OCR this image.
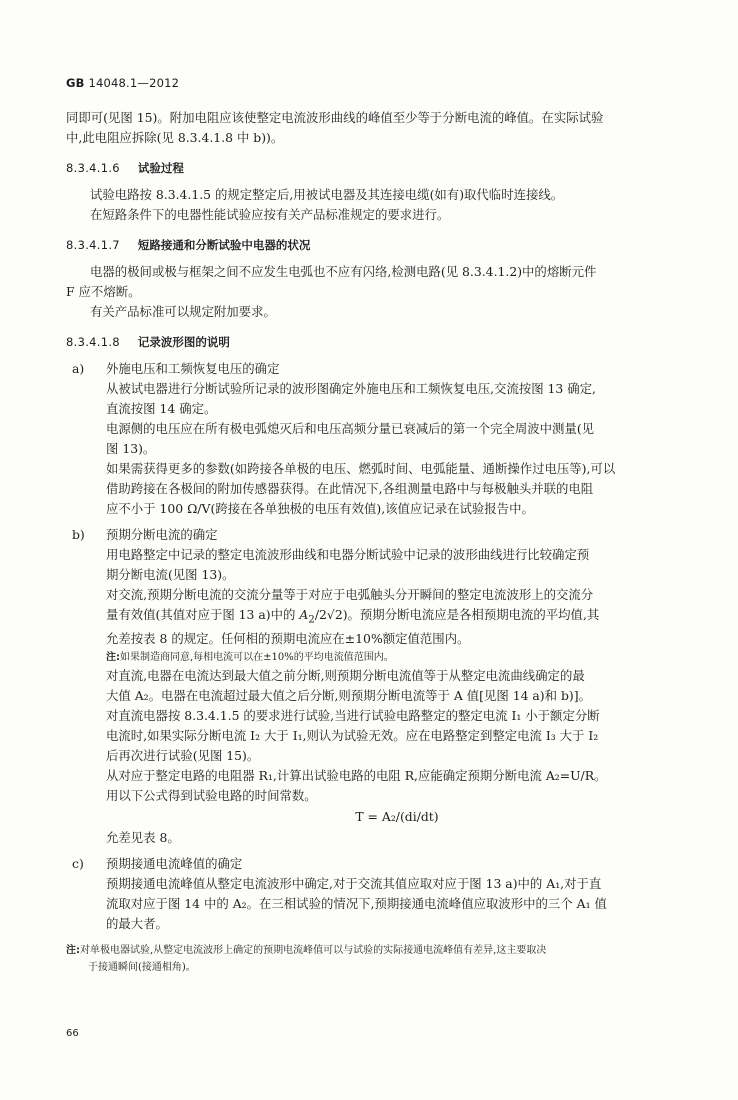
GB 14048.1—2012

同即可(见图 15)。附加电阻应该使整定电流波形曲线的峰值至少等于分断电流的峰值。在实际试验

中,此电阻应拆除(见 8.3.4.1.8 中 b))。

8.3.4.1.6 试验过程

试验电路按 8.3.4.1.5 的规定整定后,用被试电器及其连接电缆(如有)取代临时连接线。

在短路条件下的电器性能试验应按有关产品标准规定的要求进行。

8.3.4.1.7 短路接通和分断试验中电器的状况

电器的极间或极与框架之间不应发生电弧也不应有闪络,检测电路(见 8.3.4.1.2)中的熔断元件

F 应不熔断。

有关产品标准可以规定附加要求。

8.3.4.1.8 记录波形图的说明
a) 外施电压和工频恢复电压的确定

从被试电器进行分断试验所记录的波形图确定外施电压和工频恢复电压,交流按图 13 确定,

直流按图 14 确定。

电源侧的电压应在所有极电弧熄灭后和电压高频分量已衰减后的第一个完全周波中测量(见

图 13)。

如果需获得更多的参数(如跨接各单极的电压、燃弧时间、电弧能量、通断操作过电压等),可以

借助跨接在各极间的附加传感器获得。在此情况下,各组测量电路中与每极触头并联的电阻

应不小于 100 Ω/V(跨接在各单独极的电压有效值),该值应记录在试验报告中。

b) 预期分断电流的确定

用电路整定中记录的整定电流波形曲线和电器分断试验中记录的波形曲线进行比较确定预

期分断电流(见图 13)。

对交流,预期分断电流的交流分量等于对应于电弧触头分开瞬间的整定电流波形上的交流分

量有效值(其值对应于图 13 a)中的 $A_2/2√2$)。预期分断电流应是各相预期电流的平均值,其

允差按表 8 的规定。任何相的预期电流应在±10%额定值范围内。

注:如果制造商同意,每相电流可以在±10%的平均电流值范围内。

对直流,电器在电流达到最大值之前分断,则预期分断电流值等于从整定电流曲线确定的最

大值 A₂。电器在电流超过最大值之后分断,则预期分断电流等于 A 值[见图 14 a)和 b)]。

对直流电器按 8.3.4.1.5 的要求进行试验,当进行试验电路整定的整定电流 I₁ 小于额定分断

电流时,如果实际分断电流 I₂ 大于 I₁,则认为试验无效。应在电路整定到整定电流 I₃ 大于 I₂

后再次进行试验(见图 15)。

从对应于整定电路的电阻器 R₁,计算出试验电路的电阻 R,应能确定预期分断电流 A₂=U/R。

用以下公式得到试验电路的时间常数。

T = A₂/(di/dt)

允差见表 8。

c) 预期接通电流峰值的确定

预期接通电流峰值从整定电流波形中确定,对于交流其值应取对应于图 13 a)中的 A₁,对于直

流取对应于图 14 中的 A₂。在三相试验的情况下,预期接通电流峰值应取波形中的三个 A₁ 值

的最大者。

注:对单极电器试验,从整定电流波形上确定的预期电流峰值可以与试验的实际接通电流峰值有差异,这主要取决
于接通瞬间(接通相角)。
66
